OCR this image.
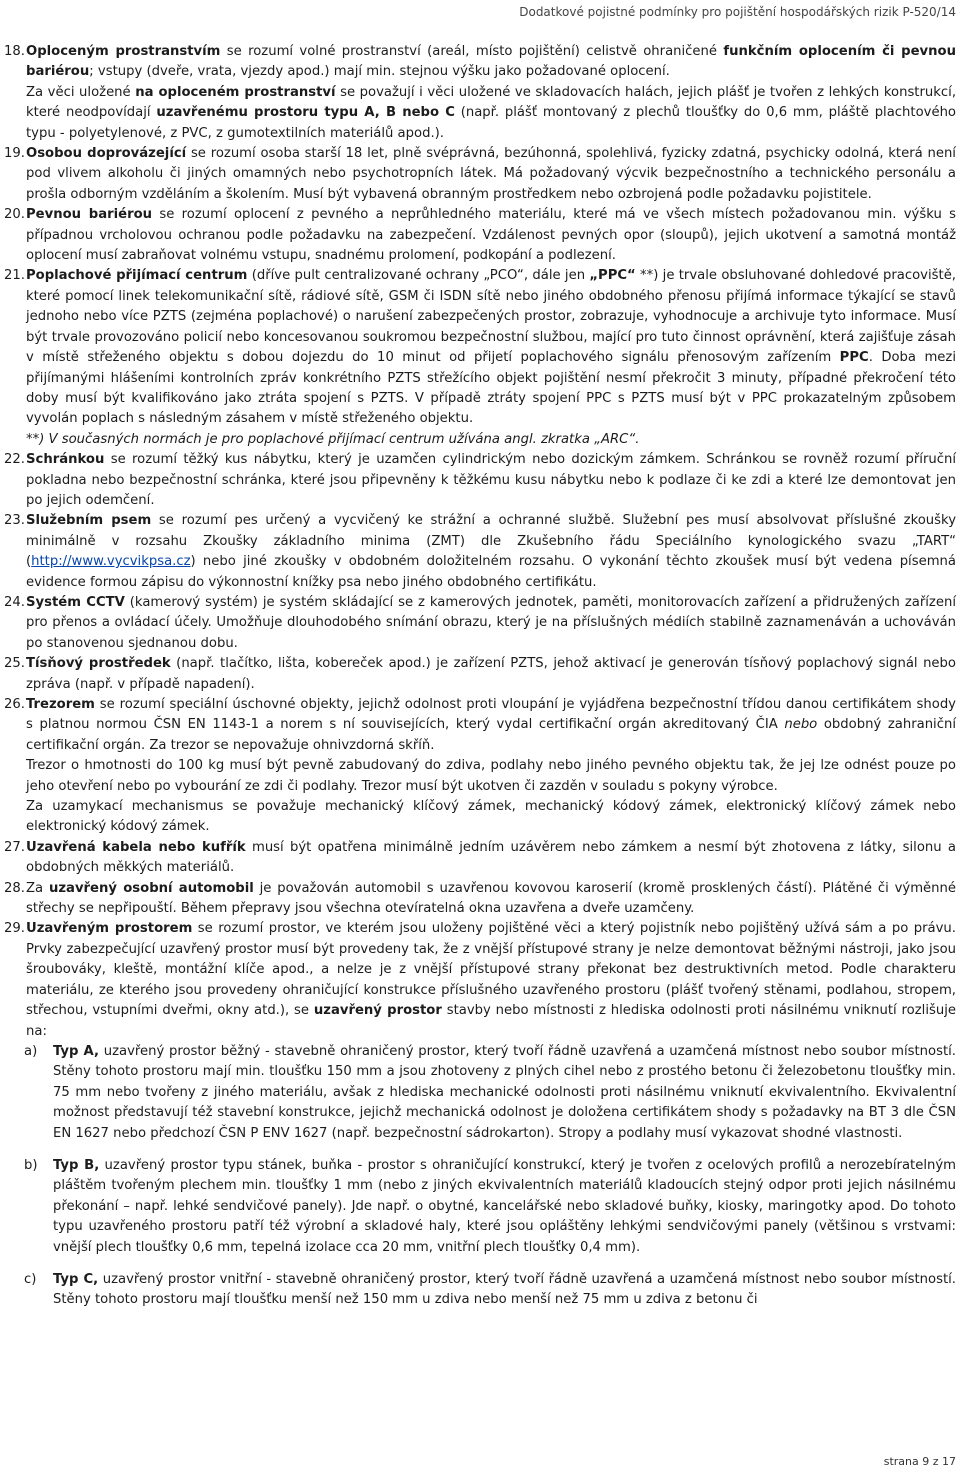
Dodatkové pojistné podmínky pro pojištění hospodářských rizik P-520/14
18. Oploceným prostranstvím se rozumí volné prostranství (areál, místo pojištění) celistvě ohraničené funkčním oplocením či pevnou bariérou; vstupy (dveře, vrata, vjezdy apod.) mají min. stejnou výšku jako požadované oplocení.
Za věci uložené na oploceném prostranství se považují i věci uložené ve skladovacích halách, jejich plášť je tvořen z lehkých konstrukcí, které neodpovídají uzavřenému prostoru typu A, B nebo C (např. plášť montovaný z plechů tloušťky do 0,6 mm, pláště plachtového typu - polyetylenové, z PVC, z gumotextilních materiálů apod.).
19. Osobou doprovázející se rozumí osoba starší 18 let, plně svéprávná, bezúhonná, spolehlivá, fyzicky zdatná, psychicky odolná, která není pod vlivem alkoholu či jiných omamných nebo psychotropních látek. Má požadovaný výcvik bezpečnostního a technického personálu a prošla odborným vzděláním a školením. Musí být vybavená obranným prostředkem nebo ozbrojená podle požadavku pojistitele.
20. Pevnou bariérou se rozumí oplocení z pevného a neprůhledného materiálu, které má ve všech místech požadovanou min. výšku s případnou vrcholovou ochranou podle požadavku na zabezpečení. Vzdálenost pevných opor (sloupů), jejich ukotvení a samotná montáž oplocení musí zabraňovat volnému vstupu, snadnému prolomení, podkopání a podlezení.
21. Poplachové přijímací centrum (dříve pult centralizované ochrany „PCO“, dále jen „PPC“ **) je trvale obsluhované dohledové pracoviště, které pomocí linek telekomunikační sítě, rádiové sítě, GSM či ISDN sítě nebo jiného obdobného přenosu přijímá informace týkající se stavů jednoho nebo více PZTS (zejména poplachové) o narušení zabezpečených prostor, zobrazuje, vyhodnocuje a archivuje tyto informace. Musí být trvale provozováno policií nebo koncesovanou soukromou bezpečnostní službou, mající pro tuto činnost oprávnění, která zajišťuje zásah v místě střeženého objektu s dobou dojezdu do 10 minut od přijetí poplachového signálu přenosovým zařízením PPC. Doba mezi přijímanými hlášeními kontrolních zpráv konkrétního PZTS střežícího objekt pojištění nesmí překročit 3 minuty, případné překročení této doby musí být kvalifikováno jako ztráta spojení s PZTS. V případě ztráty spojení PPC s PZTS musí být v PPC prokazatelným způsobem vyvolán poplach s následným zásahem v místě střeženého objektu.
**) V současných normách je pro poplachové přijímací centrum užívána angl. zkratka „ARC“.
22. Schránkou se rozumí těžký kus nábytku, který je uzamčen cylindrickým nebo dozickým zámkem. Schránkou se rovněž rozumí příruční pokladna nebo bezpečnostní schránka, které jsou připevněny k těžkému kusu nábytku nebo k podlaze či ke zdi a které lze demontovat jen po jejich odemčení.
23. Služebním psem se rozumí pes určený a vycvičený ke strážní a ochranné službě. Služební pes musí absolvovat příslušné zkoušky minimálně v rozsahu Zkoušky základního minima (ZMT) dle Zkušebního řádu Speciálního kynologického svazu „TART“ (http://www.vycvikpsa.cz) nebo jiné zkoušky v obdobném doložitelném rozsahu. O vykonání těchto zkoušek musí být vedena písemná evidence formou zápisu do výkonnostní knížky psa nebo jiného obdobného certifikátu.
24. Systém CCTV (kamerový systém) je systém skládající se z kamerových jednotek, paměti, monitorovacích zařízení a přidružených zařízení pro přenos a ovládací účely. Umožňuje dlouhodobého snímání obrazu, který je na příslušných médiích stabilně zaznamenáván a uchováván po stanovenou sjednanou dobu.
25. Tísňový prostředek (např. tlačítko, lišta, kobereček apod.) je zařízení PZTS, jehož aktivací je generován tísňový poplachový signál nebo zpráva (např. v případě napadení).
26. Trezorem se rozumí speciální úschovné objekty, jejichž odolnost proti vloupání je vyjádřena bezpečnostní třídou danou certifikátem shody s platnou normou ČSN EN 1143-1 a norem s ní souvisejících, který vydal certifikační orgán akreditovaný ČIA nebo obdobný zahraniční certifikační orgán. Za trezor se nepovažuje ohnivzdorná skříň.
Trezor o hmotnosti do 100 kg musí být pevně zabudovaný do zdiva, podlahy nebo jiného pevného objektu tak, že jej lze odnést pouze po jeho otevření nebo po vybourání ze zdi či podlahy. Trezor musí být ukotven či zazděn v souladu s pokyny výrobce.
Za uzamykací mechanismus se považuje mechanický klíčový zámek, mechanický kódový zámek, elektronický klíčový zámek nebo elektronický kódový zámek.
27. Uzavřená kabela nebo kufřík musí být opatřena minimálně jedním uzávěrem nebo zámkem a nesmí být zhotovena z látky, silonu a obdobných měkkých materiálů.
28. Za uzavřený osobní automobil je považován automobil s uzavřenou kovovou karoserií (kromě prosklených částí). Plátěné či výměnné střechy se nepřipouští. Během přepravy jsou všechna otevíratelná okna uzavřena a dveře uzamčeny.
29. Uzavřeným prostorem se rozumí prostor, ve kterém jsou uloženy pojištěné věci a který pojistník nebo pojištěný užívá sám a po právu. Prvky zabezpečující uzavřený prostor musí být provedeny tak, že z vnější přístupové strany je nelze demontovat běžnými nástroji, jako jsou šroubováky, kleště, montážní klíče apod., a nelze je z vnější přístupové strany překonat bez destruktivních metod. Podle charakteru materiálu, ze kterého jsou provedeny ohraničující konstrukce příslušného uzavřeného prostoru (plášť tvořený stěnami, podlahou, stropem, střechou, vstupními dveřmi, okny atd.), se uzavřený prostor stavby nebo místnosti z hlediska odolnosti proti násilnému vniknutí rozlišuje na:
a)	Typ A, uzavřený prostor běžný - stavebně ohraničený prostor, který tvoří řádně uzavřená a uzamčená místnost nebo soubor místností. Stěny tohoto prostoru mají min. tloušťku 150 mm a jsou zhotoveny z plných cihel nebo z prostého betonu či železobetonu tloušťky min. 75 mm nebo tvořeny z jiného materiálu, avšak z hlediska mechanické odolnosti proti násilnému vniknutí ekvivalentního. Ekvivalentní možnost představují též stavební konstrukce, jejichž mechanická odolnost je doložena certifikátem shody s požadavky na BT 3 dle ČSN EN 1627 nebo předchozí ČSN P ENV 1627 (např. bezpečnostní sádrokarton). Stropy a podlahy musí vykazovat shodné vlastnosti.
b)	Typ B, uzavřený prostor typu stánek, buňka - prostor s ohraničující konstrukcí, který je tvořen z ocelových profilů a nerozebíratelným pláštěm tvořeným plechem min. tloušťky 1 mm (nebo z jiných ekvivalentních materiálů kladoucích stejný odpor proti jejich násilnému překonání – např. lehké sendvičové panely). Jde např. o obytné, kancelářské nebo skladové buňky, kiosky, maringotky apod. Do tohoto typu uzavřeného prostoru patří též výrobní a skladové haly, které jsou opláštěny lehkými sendvičovými panely (většinou s vrstvami: vnější plech tloušťky 0,6 mm, tepelná izolace cca 20 mm, vnitřní plech tloušťky 0,4 mm).
c)	Typ C, uzavřený prostor vnitřní - stavebně ohraničený prostor, který tvoří řádně uzavřená a uzamčená místnost nebo soubor místností. Stěny tohoto prostoru mají tloušťku menší než 150 mm u zdiva nebo menší než 75 mm u zdiva z betonu či
strana 9 z 17
